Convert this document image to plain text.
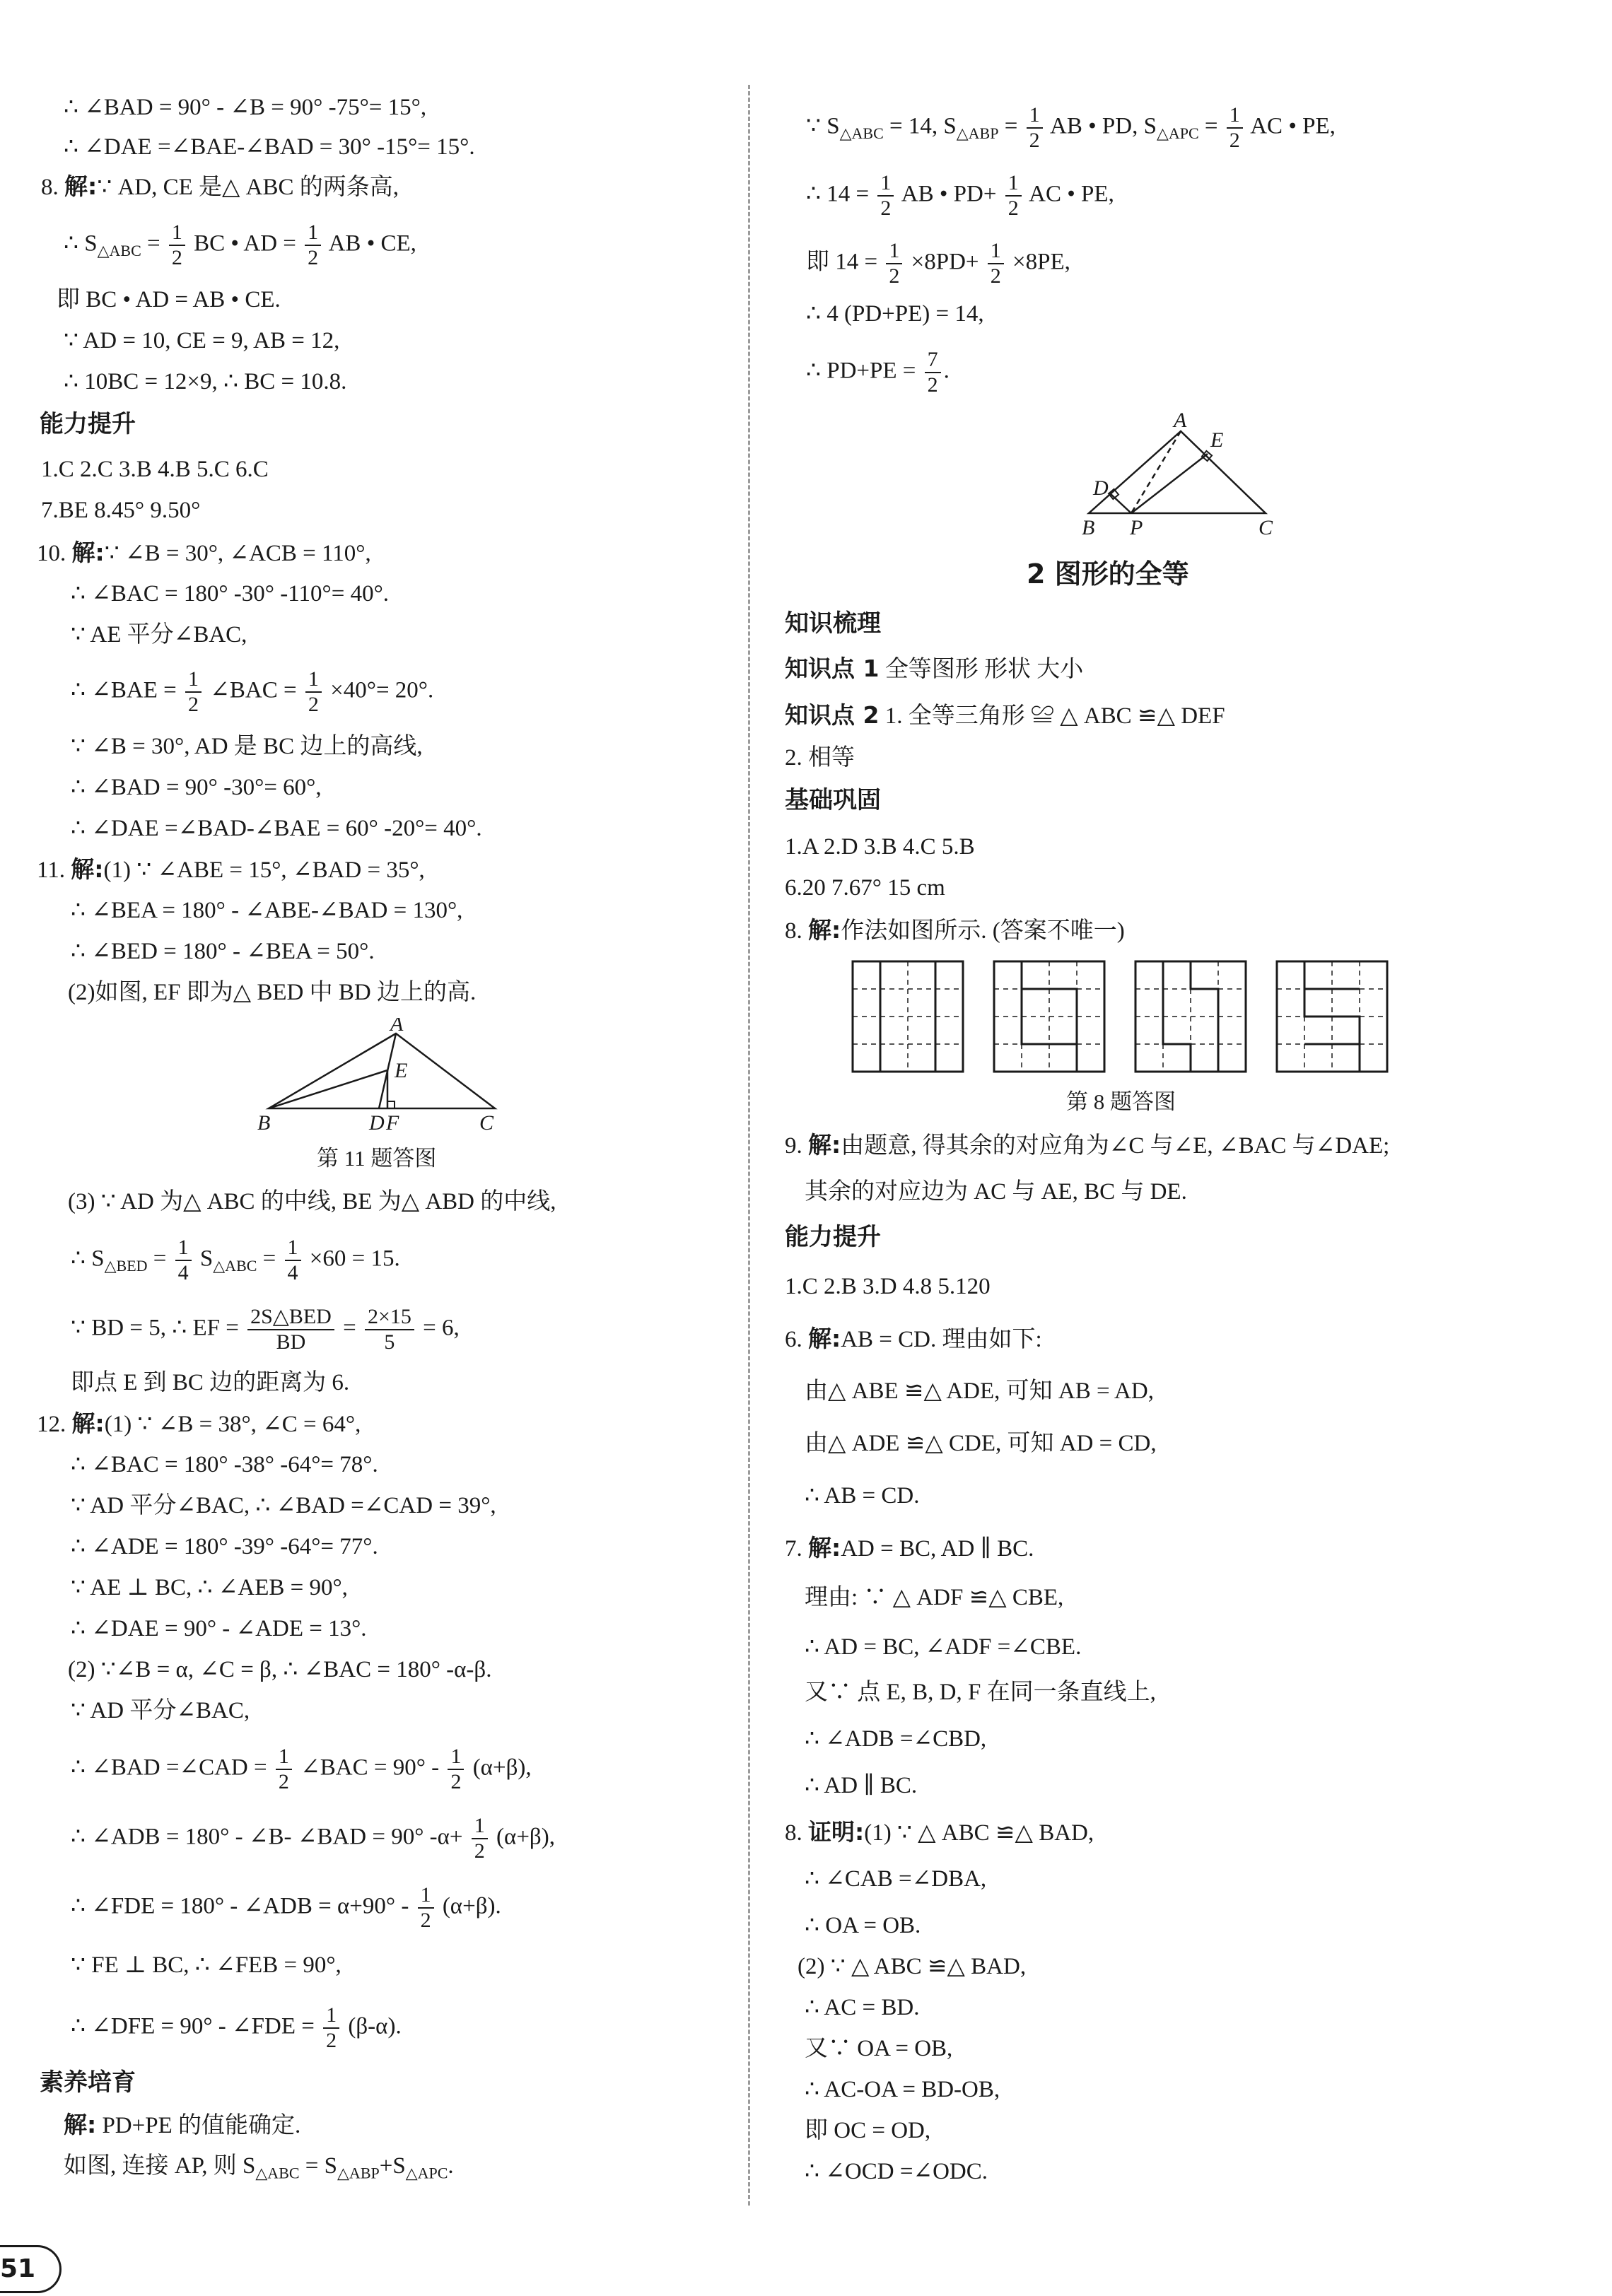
∴ ∠BAD = 90° - ∠B = 90° -75°= 15°,
∴ ∠DAE =∠BAE-∠BAD = 30° -15°= 15°.
8. 解:∵ AD, CE 是△ ABC 的两条高,
∴ $S_{\triangle ABC} = \frac{1}{2}$ BC • AD = $\frac{1}{2}$ AB • CE,
即 BC • AD = AB • CE.
∵ AD = 10, CE = 9, AB = 12,
∴ 10BC = 12×9, ∴ BC = 10.8.
能力提升
1.C 2.C 3.B 4.B 5.C 6.C
7.BE 8.45° 9.50°
10. 解:∵ ∠B = 30°, ∠ACB = 110°,
∴ ∠BAC = 180° -30° -110°= 40°.
∵ AE 平分∠BAC,
∴ ∠BAE = $\frac{1}{2}$ ∠BAC = $\frac{1}{2} \times 40^\circ= 20^\circ$.
∵ ∠B = 30°, AD 是 BC 边上的高线,
∴ ∠BAD = 90° -30°= 60°,
∴ ∠DAE =∠BAD-∠BAE = 60° -20°= 40°.
11. 解:(1) ∵ ∠ABE = 15°, ∠BAD = 35°,
∴ ∠BEA = 180° - ∠ABE-∠BAD = 130°,
∴ ∠BED = 180° - ∠BEA = 50°.
(2)如图, EF 即为△ BED 中 BD 边上的高.
A
E
B	D F	C
第 11 题答图
(3) ∵ AD 为△ ABC 的中线, BE 为△ ABD 的中线,
∴ $S_{\triangle BED} = \frac{1}{4} S_{\triangle ABC} = \frac{1}{4} \times 60 = 15$.
∵ BD = 5, ∴ EF = 2S△BED
BD
= $\frac{2\times 15}{5} = 6$,
即点 E 到 BC 边的距离为 6.
12. 解:(1) ∵ ∠B = 38°, ∠C = 64°,
∴ ∠BAC = 180° -38° -64°= 78°.
∵ AD 平分∠BAC, ∴ ∠BAD =∠CAD = 39°,
∴ ∠ADE = 180° -39° -64°= 77°.
∵ AE ⊥ BC, ∴ ∠AEB = 90°,
∴ ∠DAE = 90° - ∠ADE = 13°.
(2) ∵∠B = α, ∠C = β, ∴ ∠BAC = 180° -α-β.
∵ AD 平分∠BAC,
∴ ∠BAD =∠CAD = $\frac{1}{2}$ ∠BAC = $90^\circ - \frac{1}{2} (\alpha+\beta)$,
∴ ∠ADB = 180° - ∠B- ∠BAD = 90° $-\alpha+ \frac{1}{2} (\alpha+\beta)$,
∴ ∠FDE = 180° - ∠ADB = $\alpha+90^\circ - \frac{1}{2} (\alpha+\beta)$.
∵ FE ⊥ BC, ∴ ∠FEB = 90°,
∴ ∠DFE = 90° - ∠FDE = $\frac{1}{2} (\beta-\alpha)$.
素养培育
解: PD+PE 的值能确定.
如图, 连接 AP, 则 $S_{\triangle ABC} = S_{\triangle ABP}+S_{\triangle APC}$.
∵ $S_{\triangle ABC} = 14$, $S_{\triangle ABP} = \frac{1}{2}$ AB • PD, $S_{\triangle APC} = \frac{1}{2}$ AC • PE,
∴ $14 = \frac{1}{2}$ AB • $PD+ \frac{1}{2}$ AC • PE,
即 $14 = \frac{1}{2} \times 8PD+ \frac{1}{2} \times 8PE$,
∴ 4 (PD+PE) = 14,
∴ $PD+PE = \frac{7}{2}$ .
A
E
D
B P	C
2 图形的全等
知识梳理
知识点 1 全等图形 形状 大小
知识点 2 1. 全等三角形 ≌ △ ABC ≌△ DEF
2. 相等
基础巩固
1.A 2.D 3.B 4.C 5.B
6.20 7.67° 15 cm
8. 解:作法如图所示. (答案不唯一)
第 8 题答图
9. 解:由题意, 得其余的对应角为∠C 与∠E, ∠BAC 与∠DAE;
其余的对应边为 AC 与 AE, BC 与 DE.
能力提升
1.C 2.B 3.D 4.8 5.120
6. 解:AB = CD. 理由如下:
由△ ABE ≌△ ADE, 可知 AB = AD,
由△ ADE ≌△ CDE, 可知 AD = CD,
∴ AB = CD.
7. 解:AD = BC, AD ∥ BC.
理由: ∵ △ ADF ≌△ CBE,
∴ AD = BC, ∠ADF =∠CBE.
又∵ 点 E, B, D, F 在同一条直线上,
∴ ∠ADB =∠CBD,
∴ AD ∥ BC.
8. 证明:(1) ∵ △ ABC ≌△ BAD,
∴ ∠CAB =∠DBA,
∴ OA = OB.
(2) ∵ △ ABC ≌△ BAD,
∴ AC = BD.
又∵ OA = OB,
∴ AC-OA = BD-OB,
即 OC = OD,
∴ ∠OCD =∠ODC.
51
